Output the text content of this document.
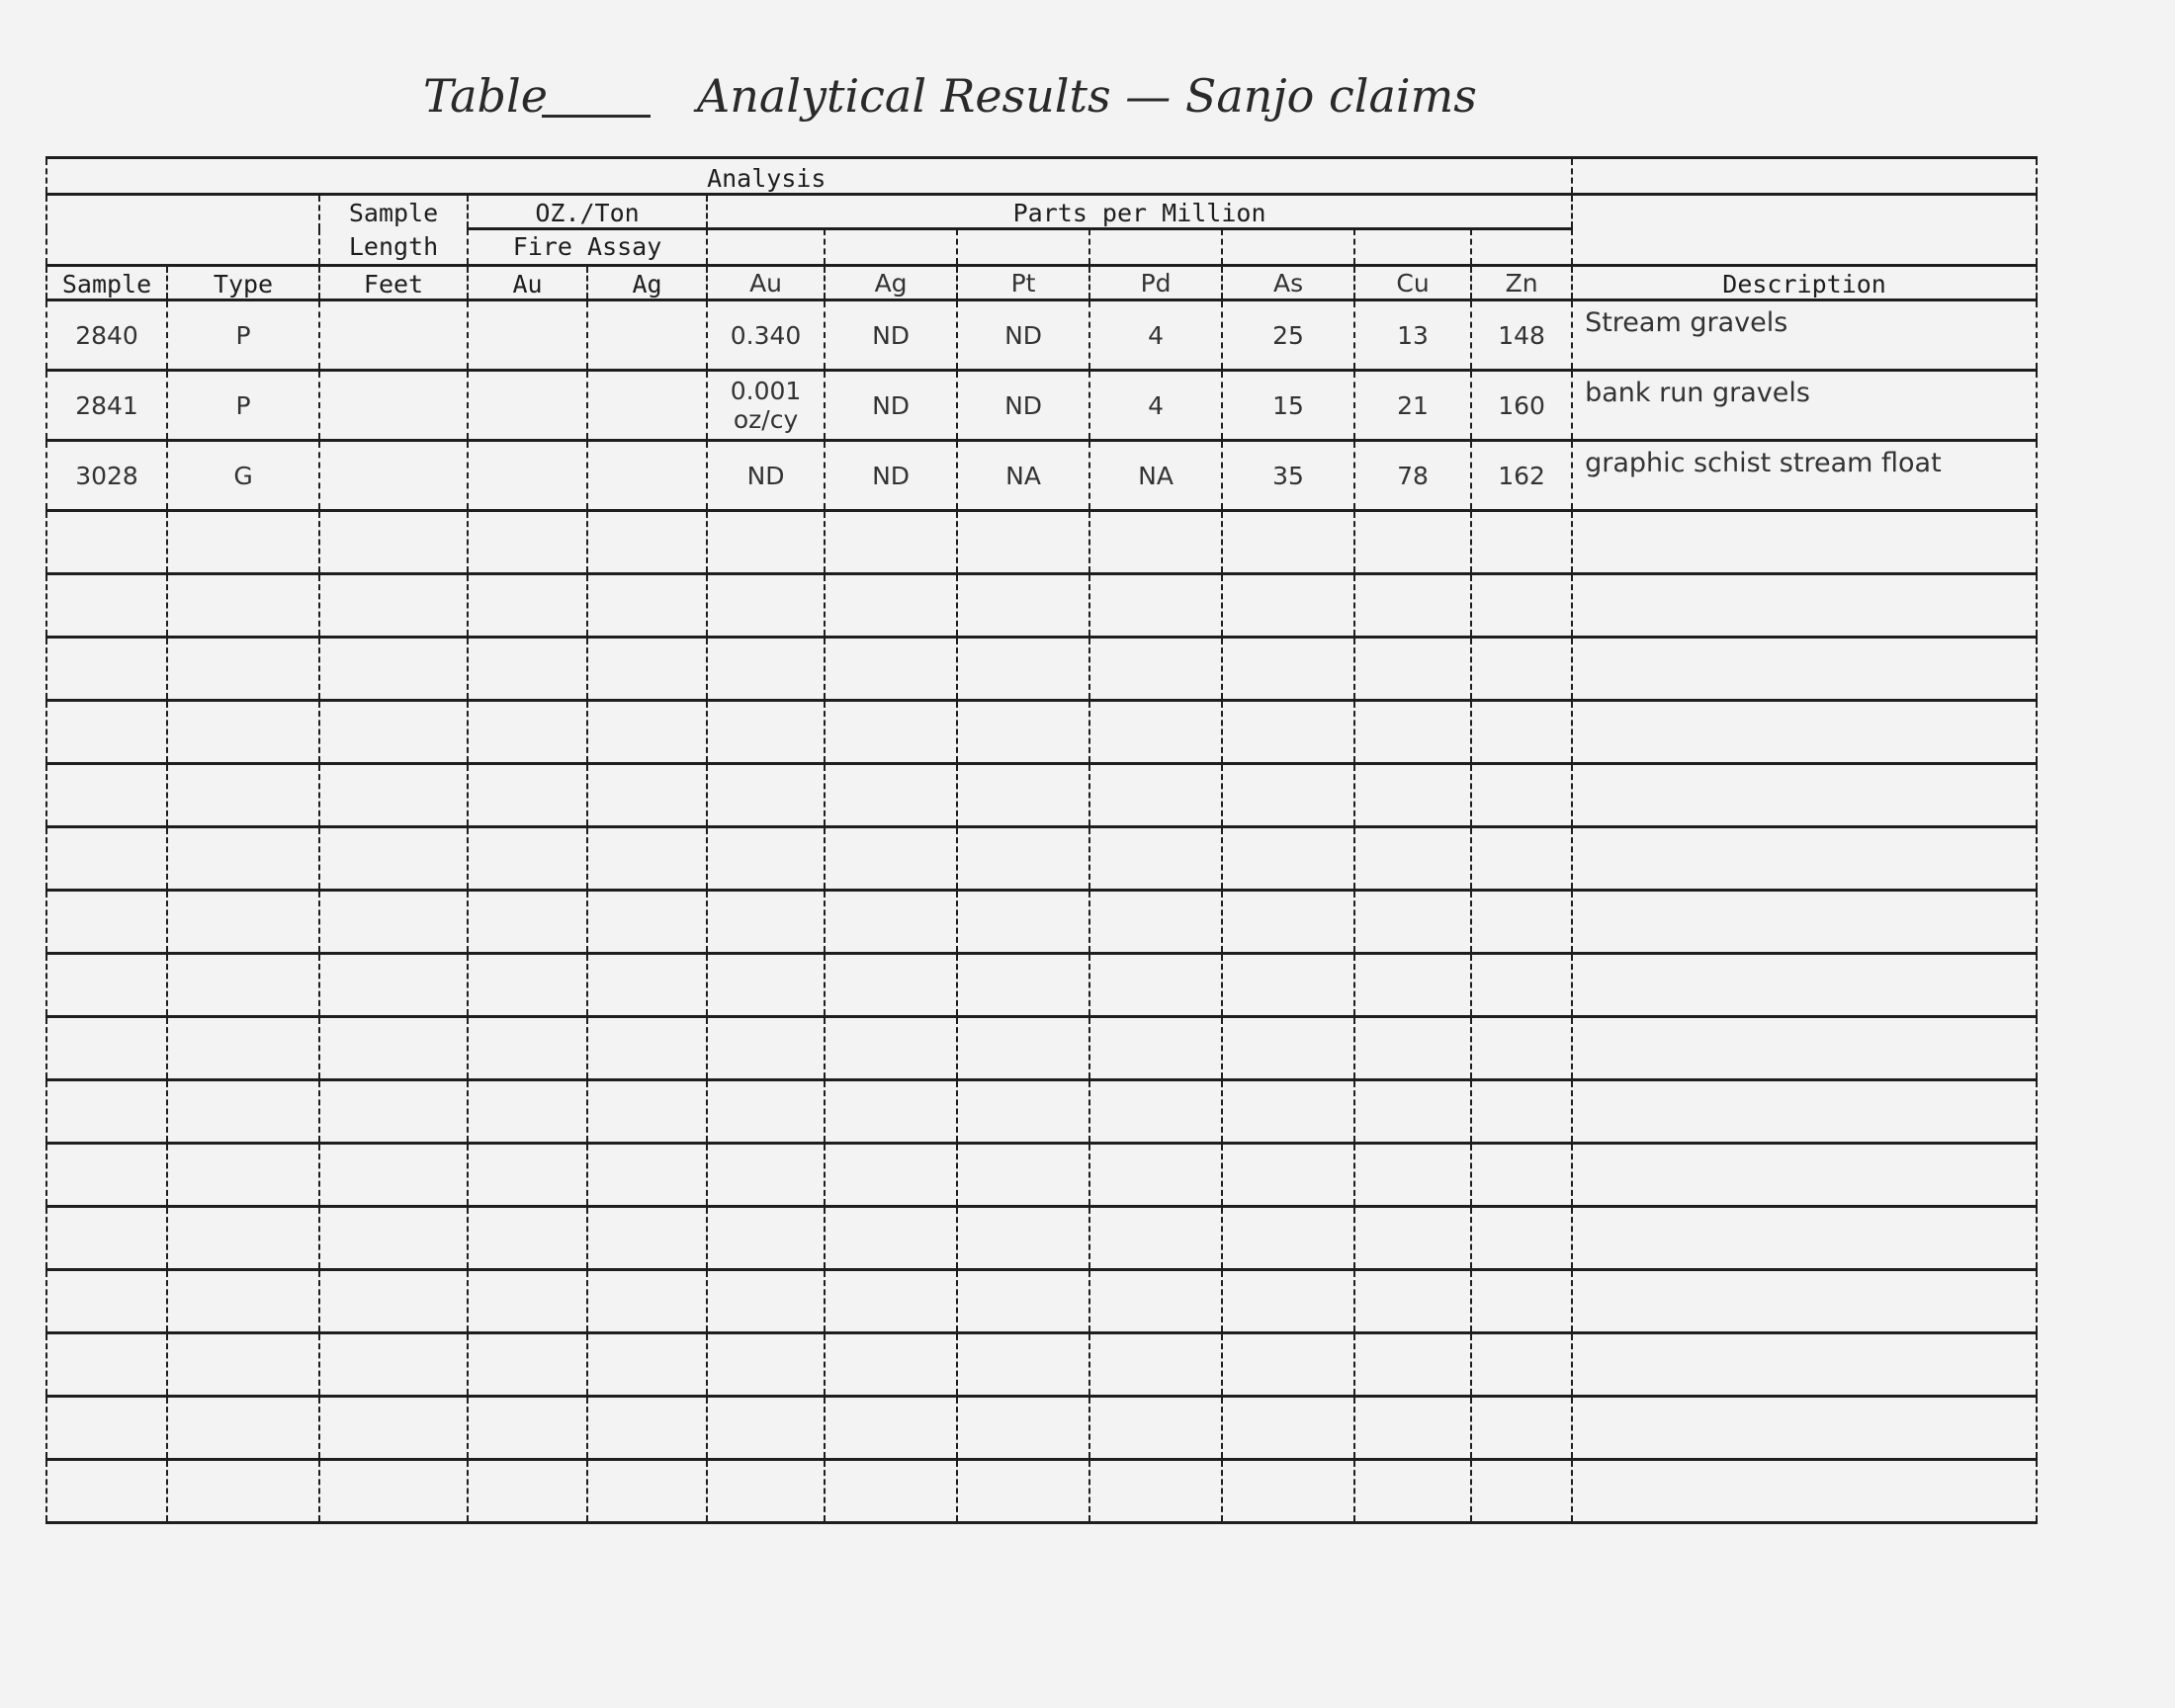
Table	Analytical Results — Sanjo claims
					Analysis								
		Sample Length	OZ./Ton		Parts per Million								
			Fire Assay										

Sample	Type	Feet	Au	Ag	Au	Ag	Pt	Pd	As	Cu	Zn	Description	
2840	P				0.340	ND	ND	4	25	13	148	Stream gravels	
2841	P				0.001 oz/cy	ND	ND	4	15	21	160	bank run gravels	
3028	G				ND	ND	NA	NA	35	78	162	graphic schist stream float	
